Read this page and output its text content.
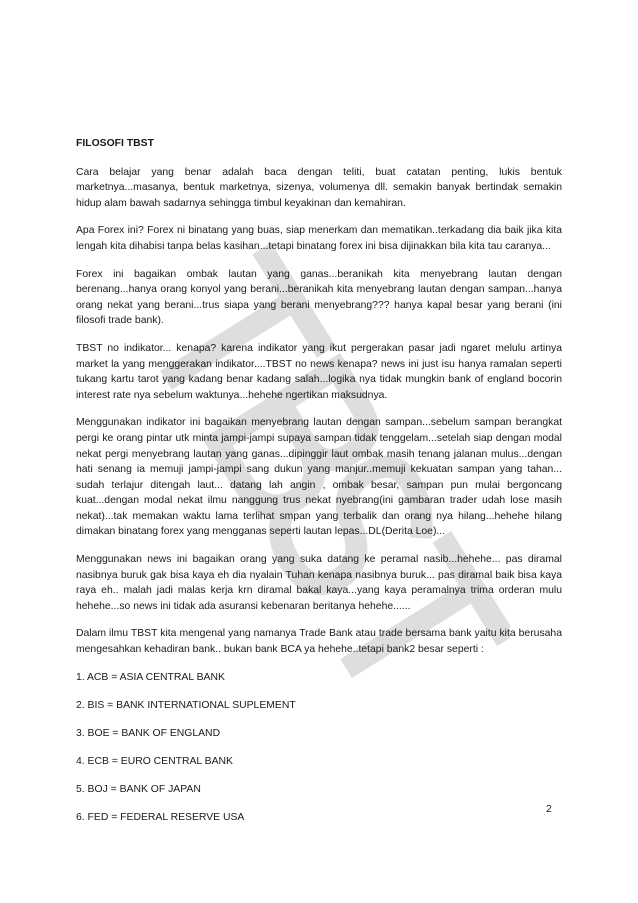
FILOSOFI TBST

Cara belajar yang benar adalah baca dengan teliti, buat catatan penting, lukis bentuk marketnya...masanya, bentuk marketnya, sizenya, volumenya dll. semakin banyak bertindak semakin hidup alam bawah sadarnya sehingga timbul keyakinan dan kemahiran.

Apa Forex ini? Forex ni binatang yang buas, siap menerkam dan mematikan..terkadang dia baik jika kita lengah kita dihabisi tanpa belas kasihan...tetapi binatang forex ini bisa dijinakkan bila kita tau caranya...

Forex ini bagaikan ombak lautan yang ganas...beranikah kita menyebrang lautan dengan berenang...hanya orang konyol yang berani...beranikah kita menyebrang lautan dengan sampan...hanya orang nekat yang berani...trus siapa yang berani menyebrang??? hanya kapal besar yang berani (ini filosofi trade bank).

TBST no indikator... kenapa? karena indikator yang ikut pergerakan pasar jadi ngaret melulu artinya market la yang menggerakan indikator....TBST no news kenapa? news ini just isu hanya ramalan seperti tukang kartu tarot yang kadang benar kadang salah...logika nya tidak mungkin bank of england bocorin interest rate nya sebelum waktunya...hehehe ngertikan maksudnya.

Menggunakan indikator ini bagaikan menyebrang lautan dengan sampan...sebelum sampan berangkat pergi ke orang pintar utk minta jampi-jampi supaya sampan tidak tenggelam...setelah siap dengan modal nekat pergi menyebrang lautan yang ganas...dipinggir laut ombak masih tenang jalanan mulus...dengan hati senang ia memuji jampi-jampi sang dukun yang manjur..memuji kekuatan sampan yang tahan... sudah terlajur ditengah laut... datang lah angin , ombak besar, sampan pun mulai bergoncang kuat...dengan modal nekat ilmu nanggung trus nekat nyebrang(ini gambaran trader udah lose masih nekat)...tak memakan waktu lama terlihat smpan yang terbalik dan orang nya hilang...hehehe hilang dimakan binatang forex yang mengganas seperti lautan lepas...DL(Derita Loe)...

Menggunakan news ini bagaikan orang yang suka datang ke peramal nasib...hehehe... pas diramal nasibnya buruk gak bisa kaya eh dia nyalain Tuhan kenapa nasibnya buruk... pas diramal baik bisa kaya raya eh.. malah jadi malas kerja krn diramal bakal kaya...yang kaya peramalnya trima orderan mulu hehehe...so news ini tidak ada asuransi kebenaran beritanya hehehe......

Dalam ilmu TBST kita mengenal yang namanya Trade Bank atau trade bersama bank yaitu kita berusaha mengesahkan kehadiran bank.. bukan bank BCA ya hehehe..tetapi bank2 besar seperti :

1. ACB = ASIA CENTRAL BANK
2. BIS = BANK INTERNATIONAL SUPLEMENT
3. BOE = BANK OF ENGLAND
4. ECB = EURO CENTRAL BANK
5. BOJ = BANK OF JAPAN
6. FED = FEDERAL RESERVE USA
2
